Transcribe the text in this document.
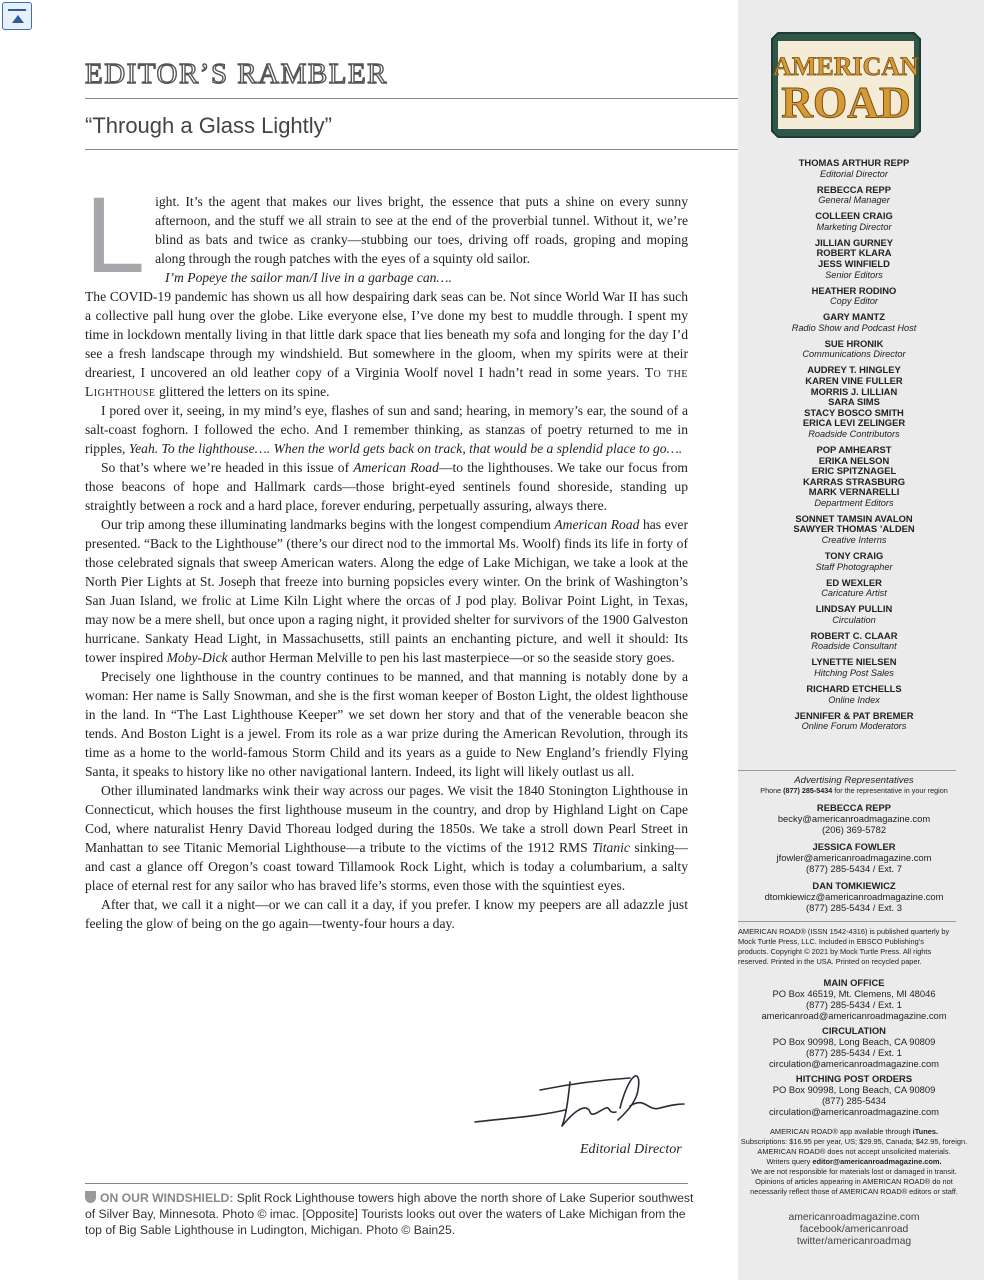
EDITOR’S RAMBLER
“Through a Glass Lightly”

Light. It’s the agent that makes our lives bright, the essence that puts a shine on every sunny afternoon, and the stuff we all strain to see at the end of the proverbial tunnel. Without it, we’re blind as bats and twice as cranky—stubbing our toes, driving off roads, groping and moping along through the rough patches with the eyes of a squinty old sailor.

I’m Popeye the sailor man/I live in a garbage can….

The COVID-19 pandemic has shown us all how despairing dark seas can be. Not since World War II has such a collective pall hung over the globe. Like everyone else, I’ve done my best to muddle through. I spent my time in lockdown mentally living in that little dark space that lies beneath my sofa and longing for the day I’d see a fresh landscape through my windshield. But somewhere in the gloom, when my spirits were at their dreariest, I uncovered an old leather copy of a Virginia Woolf novel I hadn’t read in some years. To the Lighthouse glittered the letters on its spine.

I pored over it, seeing, in my mind’s eye, flashes of sun and sand; hearing, in memory’s ear, the sound of a salt-coast foghorn. I followed the echo. And I remember thinking, as stanzas of poetry returned to me in ripples, Yeah. To the lighthouse…. When the world gets back on track, that would be a splendid place to go….

So that’s where we’re headed in this issue of American Road—to the lighthouses. We take our focus from those beacons of hope and Hallmark cards—those bright-eyed sentinels found shoreside, standing up straightly between a rock and a hard place, forever enduring, perpetually assuring, always there.

Our trip among these illuminating landmarks begins with the longest compendium American Road has ever presented. “Back to the Lighthouse” (there’s our direct nod to the immortal Ms. Woolf) finds its life in forty of those celebrated signals that sweep American waters. Along the edge of Lake Michigan, we take a look at the North Pier Lights at St. Joseph that freeze into burning popsicles every winter. On the brink of Washington’s San Juan Island, we frolic at Lime Kiln Light where the orcas of J pod play. Bolivar Point Light, in Texas, may now be a mere shell, but once upon a raging night, it provided shelter for survivors of the 1900 Galveston hurricane. Sankaty Head Light, in Massachusetts, still paints an enchanting picture, and well it should: Its tower inspired Moby-Dick author Herman Melville to pen his last masterpiece—or so the seaside story goes.

Precisely one lighthouse in the country continues to be manned, and that manning is notably done by a woman: Her name is Sally Snowman, and she is the first woman keeper of Boston Light, the oldest lighthouse in the land. In “The Last Lighthouse Keeper” we set down her story and that of the venerable beacon she tends. And Boston Light is a jewel. From its role as a war prize during the American Revolution, through its time as a home to the world-famous Storm Child and its years as a guide to New England’s friendly Flying Santa, it speaks to history like no other navigational lantern. Indeed, its light will likely outlast us all.

Other illuminated landmarks wink their way across our pages. We visit the 1840 Stonington Lighthouse in Connecticut, which houses the first lighthouse museum in the country, and drop by Highland Light on Cape Cod, where naturalist Henry David Thoreau lodged during the 1850s. We take a stroll down Pearl Street in Manhattan to see Titanic Memorial Lighthouse—a tribute to the victims of the 1912 RMS Titanic sinking—and cast a glance off Oregon’s coast toward Tillamook Rock Light, which is today a columbarium, a salty place of eternal rest for any sailor who has braved life’s storms, even those with the squintiest eyes.

After that, we call it a night—or we can call it a day, if you prefer. I know my peepers are all adazzle just feeling the glow of being on the go again—twenty-four hours a day.

Editorial Director
ON OUR WINDSHIELD: Split Rock Lighthouse towers high above the north shore of Lake Superior southwest of Silver Bay, Minnesota. Photo © imac. [Opposite] Tourists looks out over the waters of Lake Michigan from the top of Big Sable Lighthouse in Ludington, Michigan. Photo © Bain25.
AMERICAN
ROAD
THOMAS ARTHUR REPP
Editorial Director
REBECCA REPP
General Manager
COLLEEN CRAIG
Marketing Director
JILLIAN GURNEY
ROBERT KLARA
JESS WINFIELD
Senior Editors
HEATHER RODINO
Copy Editor
GARY MANTZ
Radio Show and Podcast Host
SUE HRONIK
Communications Director
AUDREY T. HINGLEY
KAREN VINE FULLER
MORRIS J. LILLIAN
SARA SIMS
STACY BOSCO SMITH
ERICA LEVI ZELINGER
Roadside Contributors
POP AMHEARST
ERIKA NELSON
ERIC SPITZNAGEL
KARRAS STRASBURG
MARK VERNARELLI
Department Editors
SONNET TAMSIN AVALON
SAWYER THOMAS ’ALDEN
Creative Interns
TONY CRAIG
Staff Photographer
ED WEXLER
Caricature Artist
LINDSAY PULLIN
Circulation
ROBERT C. CLAAR
Roadside Consultant
LYNETTE NIELSEN
Hitching Post Sales
RICHARD ETCHELLS
Online Index
JENNIFER & PAT BREMER
Online Forum Moderators
Advertising Representatives
Phone (877) 285-5434 for the representative in your region
REBECCA REPP
becky@americanroadmagazine.com
(206) 369-5782
JESSICA FOWLER
jfowler@americanroadmagazine.com
(877) 285-5434 / Ext. 7
DAN TOMKIEWICZ
dtomkiewicz@americanroadmagazine.com
(877) 285-5434 / Ext. 3
AMERICAN ROAD® (ISSN 1542-4316) is published quarterly by Mock Turtle Press, LLC. Included in EBSCO Publishing’s products. Copyright © 2021 by Mock Turtle Press. All rights reserved. Printed in the USA. Printed on recycled paper.
MAIN OFFICE
PO Box 46519, Mt. Clemens, MI 48046
(877) 285-5434 / Ext. 1
americanroad@americanroadmagazine.com
CIRCULATION
PO Box 90998, Long Beach, CA 90809
(877) 285-5434 / Ext. 1
circulation@americanroadmagazine.com
HITCHING POST ORDERS
PO Box 90998, Long Beach, CA 90809
(877) 285-5434
circulation@americanroadmagazine.com
AMERICAN ROAD® app available through iTunes.
Subscriptions: $16.95 per year, US; $29.95, Canada; $42.95, foreign.
AMERICAN ROAD® does not accept unsolicited materials.
Writers query editor@americanroadmagazine.com.
We are not responsible for materials lost or damaged in transit.
Opinions of articles appearing in AMERICAN ROAD® do not necessarily reflect those of AMERICAN ROAD® editors or staff.
americanroadmagazine.com
facebook/americanroad
twitter/americanroadmag
